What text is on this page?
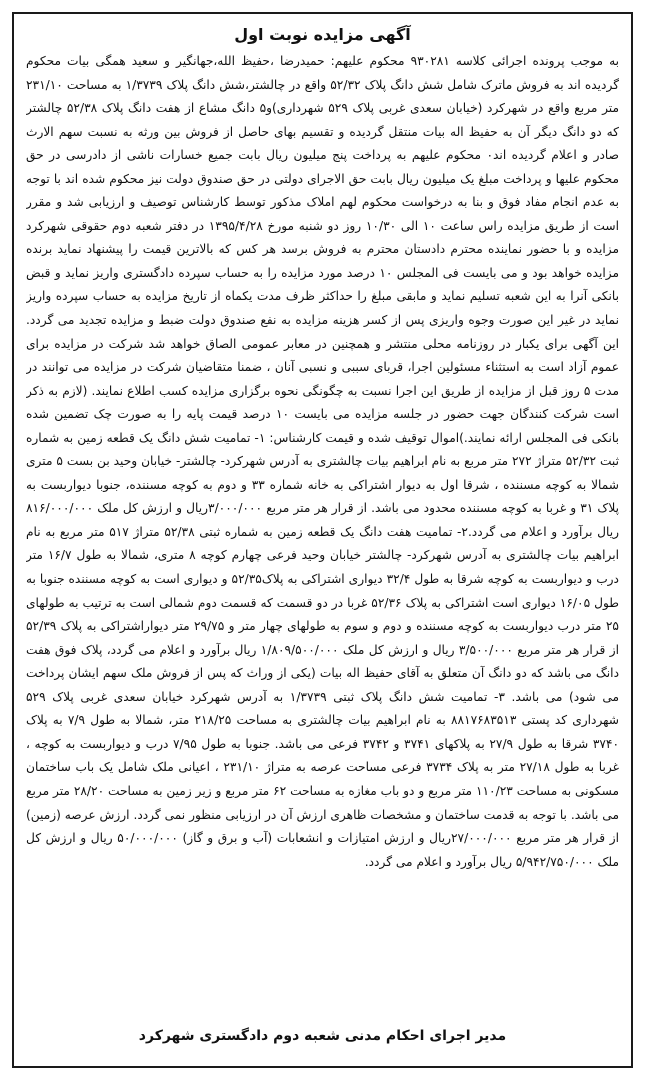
آگهی مزایده نوبت اول

به موجب پرونده اجرائی کلاسه ۹۳۰۲۸۱ محکوم علیهم: حمیدرضا ،حفیظ الله،جهانگیر و سعید همگی بیات محکوم گردیده اند به فروش ماترک شامل شش دانگ پلاک ۵۲/۳۲ واقع در چالشتر،شش دانگ پلاک ۱/۳۷۳۹ به مساحت ۲۳۱/۱۰ متر مربع واقع در شهرکرد (خیابان سعدی غربی پلاک ۵۲۹ شهرداری)و۵ دانگ مشاع از هفت دانگ پلاک ۵۲/۳۸ چالشتر که دو دانگ دیگر آن به حفیظ اله بیات منتقل گردیده و تقسیم بهای حاصل از فروش بین ورثه به نسبت سهم الارث صادر و اعلام گردیده اند٠ محکوم علیهم به پرداخت پنج میلیون ریال بابت جمیع خسارات ناشی از دادرسی در حق محکوم علیها و پرداخت مبلغ یک میلیون ریال بابت حق الاجرای دولتی در حق صندوق دولت نیز محکوم شده اند با توجه به عدم انجام مفاد فوق و بنا به درخواست محکوم لهم املاک مذکور توسط کارشناس توصیف و ارزیابی شد و مقرر است از طریق مزایده راس ساعت ۱۰ الی ۱۰/۳۰ روز دو شنبه مورخ ۱۳۹۵/۴/۲۸ در دفتر شعبه دوم حقوقی شهرکرد مزایده و با حضور نماینده محترم دادستان محترم به فروش برسد هر کس که بالاترین قیمت را پیشنهاد نماید برنده مزایده خواهد بود و می بایست فی المجلس ۱۰ درصد مورد مزایده را به حساب سپرده دادگستری واریز نماید و قبض بانکی آنرا به این شعبه تسلیم نماید و مابقی مبلغ را حداکثر ظرف مدت یکماه از تاریخ مزایده به حساب سپرده واریز نماید در غیر این صورت وجوه واریزی پس از کسر هزینه مزایده به نفع صندوق دولت ضبط و مزایده تجدید می گردد. این آگهی برای یکبار در روزنامه محلی منتشر و همچنین در معابر عمومی الصاق خواهد شد شرکت در مزایده برای عموم آزاد است به استثناء مسئولین اجرا، قربای سببی و نسبی آنان ، ضمنا متقاضیان شرکت در مزایده می توانند در مدت ۵ روز قبل از مزایده از طریق این اجرا نسبت به چگونگی نحوه برگزاری مزایده کسب اطلاع نمایند. (لازم به ذکر است شرکت کنندگان جهت حضور در جلسه مزایده می بایست ۱۰ درصد قیمت پایه را به صورت چک تضمین شده بانکی فی المجلس ارائه نمایند.)اموال توقیف شده و قیمت کارشناس: ١- تمامیت شش دانگ یک قطعه زمین به شماره ثبت ۵۲/۳۲ متراژ ۲۷۲ متر مربع به نام ابراهیم بیات چالشتری به آدرس شهرکرد- چالشتر- خیابان وحید بن بست ۵ متری شمالا به کوچه مسننده ، شرقا اول به دیوار اشتراکی به خانه شماره ۳۳ و دوم به کوچه مسننده، جنوبا دیواربست به پلاک ۳۱ و غربا به کوچه مسننده محدود می باشد. از قرار هر متر مربع ۳/۰۰۰/۰۰۰ریال و ارزش کل ملک ۸۱۶/۰۰۰/۰۰۰ ریال برآورد و اعلام می گردد.۲- تمامیت هفت دانگ یک قطعه زمین به شماره ثبتی ۵۲/۳۸ متراژ ۵۱۷ متر مربع به نام ابراهیم بیات چالشتری به آدرس شهرکرد- چالشتر خیابان وحید فرعی چهارم کوچه ۸ متری، شمالا به طول ۱۶/۷ متر درب و دیواربست به کوچه شرقا به طول ۳۲/۴ دیواری اشتراکی به پلاک۵۲/۳۵ و دیواری است به کوچه مسننده جنوبا به طول ۱۶/۰۵ دیواری است اشتراکی به پلاک ۵۲/۳۶ غربا در دو قسمت که قسمت دوم شمالی است به ترتیب به طولهای ۲۵ متر درب دیواربست به کوچه مسننده و دوم و سوم به طولهای چهار متر و ۲۹/۷۵ متر دیواراشتراکی به پلاک ۵۲/۳۹ از قرار هر متر مربع ۳/۵۰۰/۰۰۰ ریال و ارزش کل ملک ۱/۸۰۹/۵۰۰/۰۰۰ ریال برآورد و اعلام می گردد، پلاک فوق هفت دانگ می باشد که دو دانگ آن متعلق به آقای حفیظ اله بیات (یکی از وراث که پس از فروش ملک سهم ایشان پرداخت می شود) می باشد. ٣- تمامیت شش دانگ پلاک ثبتی ۱/۳۷۳۹ به آدرس شهرکرد خیابان سعدی غربی پلاک ۵۲۹ شهرداری کد پستی ۸۸۱۷۶۸۳۵۱۳ به نام ابراهیم بیات چالشتری به مساحت ۲۱۸/۲۵ متر، شمالا به طول ۷/۹ به پلاک ۳۷۴۰ شرقا به طول ۲۷/۹ به پلاکهای ۳۷۴۱ و ۳۷۴۲ فرعی می باشد. جنوبا به طول ۷/۹۵ درب و دیواربست به کوچه ، غربا به طول ۲۷/۱۸ متر به پلاک ۳۷۳۴ فرعی مساحت عرصه به متراژ ۲۳۱/۱۰ ، اعیانی ملک شامل یک باب ساختمان مسکونی به مساحت ۱۱۰/۲۳ متر مربع و دو باب مغازه به مساحت ۶۲ متر مربع و زیر زمین به مساحت ۲۸/۲۰ متر مربع می باشد. با توجه به قدمت ساختمان و مشخصات ظاهری ارزش آن در ارزیابی منظور نمی گردد. ارزش عرصه (زمین) از قرار هر متر مربع ۲۷/۰۰۰/۰۰۰ریال و ارزش امتیازات و انشعابات (آب و برق و گاز) ۵۰/۰۰۰/۰۰۰ ریال و ارزش کل ملک ۵/۹۴۲/۷۵۰/۰۰۰ ریال برآورد و اعلام می گردد.

مدیر اجرای احکام مدنی شعبه دوم دادگستری شهرکرد
